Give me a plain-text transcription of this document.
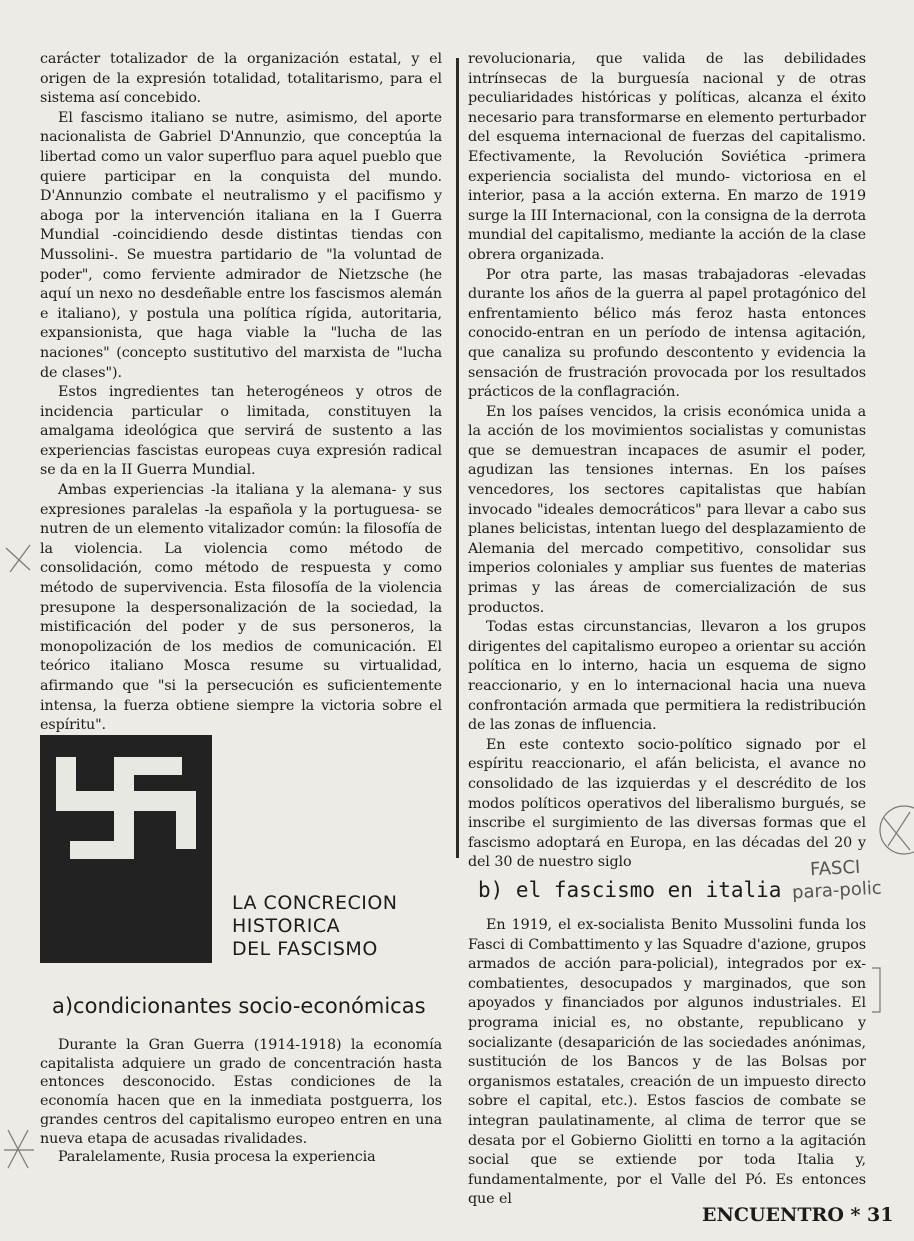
carácter totalizador de la organización estatal, y el origen de la expresión totalidad, totalitarismo, para el sistema así concebido.

El fascismo italiano se nutre, asimismo, del aporte nacionalista de Gabriel D'Annunzio, que conceptúa la libertad como un valor superfluo para aquel pueblo que quiere participar en la conquista del mundo. D'Annunzio combate el neutralismo y el pacifismo y aboga por la intervención italiana en la I Guerra Mundial -coincidiendo desde distintas tiendas con Mussolini-. Se muestra partidario de "la voluntad de poder", como ferviente admirador de Nietzsche (he aquí un nexo no desdeñable entre los fascismos alemán e italiano), y postula una política rígida, autoritaria, expansionista, que haga viable la "lucha de las naciones" (concepto sustitutivo del marxista de "lucha de clases").

Estos ingredientes tan heterogéneos y otros de incidencia particular o limitada, constituyen la amalgama ideológica que servirá de sustento a las experiencias fascistas europeas cuya expresión radical se da en la II Guerra Mundial.

Ambas experiencias -la italiana y la alemana- y sus expresiones paralelas -la española y la portuguesa- se nutren de un elemento vitalizador común: la filosofía de la violencia. La violencia como método de consolidación, como método de respuesta y como método de supervivencia. Esta filosofía de la violencia presupone la despersonalización de la sociedad, la mistificación del poder y de sus personeros, la monopolización de los medios de comunicación. El teórico italiano Mosca resume su virtualidad, afirmando que "si la persecución es suficientemente intensa, la fuerza obtiene siempre la victoria sobre el espíritu".

LA CONCRECION
HISTORICA
DEL FASCISMO
a)condicionantes socio-económicas

Durante la Gran Guerra (1914-1918) la economía capitalista adquiere un grado de concentración hasta entonces desconocido. Estas condiciones de la economía hacen que en la inmediata postguerra, los grandes centros del capitalismo europeo entren en una nueva etapa de acusadas rivalidades.

Paralelamente, Rusia procesa la experiencia

revolucionaria, que valida de las debilidades intrínsecas de la burguesía nacional y de otras peculiaridades históricas y políticas, alcanza el éxito necesario para transformarse en elemento perturbador del esquema internacional de fuerzas del capitalismo. Efectivamente, la Revolución Soviética -primera experiencia socialista del mundo- victoriosa en el interior, pasa a la acción externa. En marzo de 1919 surge la III Internacional, con la consigna de la derrota mundial del capitalismo, mediante la acción de la clase obrera organizada.

Por otra parte, las masas trabajadoras -elevadas durante los años de la guerra al papel protagónico del enfrentamiento bélico más feroz hasta entonces conocido-entran en un período de intensa agitación, que canaliza su profundo descontento y evidencia la sensación de frustración provocada por los resultados prácticos de la conflagración.

En los países vencidos, la crisis económica unida a la acción de los movimientos socialistas y comunistas que se demuestran incapaces de asumir el poder, agudizan las tensiones internas. En los países vencedores, los sectores capitalistas que habían invocado "ideales democráticos" para llevar a cabo sus planes belicistas, intentan luego del desplazamiento de Alemania del mercado competitivo, consolidar sus imperios coloniales y ampliar sus fuentes de materias primas y las áreas de comercialización de sus productos.

Todas estas circunstancias, llevaron a los grupos dirigentes del capitalismo europeo a orientar su acción política en lo interno, hacia un esquema de signo reaccionario, y en lo internacional hacia una nueva confrontación armada que permitiera la redistribución de las zonas de influencia.

En este contexto socio-político signado por el espíritu reaccionario, el afán belicista, el avance no consolidado de las izquierdas y el descrédito de los modos políticos operativos del liberalismo burgués, se inscribe el surgimiento de las diversas formas que el fascismo adoptará en Europa, en las décadas del 20 y del 30 de nuestro siglo

b) el fascismo en italia

En 1919, el ex-socialista Benito Mussolini funda los Fasci di Combattimento y las Squadre d'azione, grupos armados de acción para-policial), integrados por ex-combatientes, desocupados y marginados, que son apoyados y financiados por algunos industriales. El programa inicial es, no obstante, republicano y socializante (desaparición de las sociedades anónimas, sustitución de los Bancos y de las Bolsas por organismos estatales, creación de un impuesto directo sobre el capital, etc.). Estos fascios de combate se integran paulatinamente, al clima de terror que se desata por el Gobierno Giolitti en torno a la agitación social que se extiende por toda Italia y, fundamentalmente, por el Valle del Pó. Es entonces que el

FASCI
para-polic
ENCUENTRO * 31
